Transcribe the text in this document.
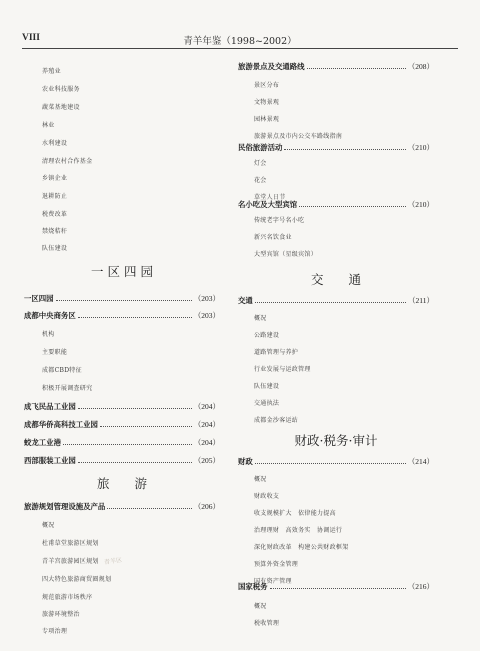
VIII	青羊年鉴（1998~2002）
养殖业
农业科技服务
蔬菜基地建设
林业
水利建设
清理农村合作基金
乡镇企业
退耕防止
税费改革
禁烧秸秆
队伍建设
一 区 四 园
一区四园	（203）
成都中央商务区	（203）
机构
主要职能
成都CBD特征
积极开展调查研究
成飞民品工业园	（204）
成都华侨高科技工业园	（204）
蛟龙工业港	（204）
西部服装工业园	（205）
旅　　游
旅游规划管理设施及产品	（206）
概况
杜甫草堂旅游区规划
青羊宫旅游园区规划
四大特色旅游商贸圈规划
规范旅游市场秩序
旅游环境整治
专项治理
青羊区
旅游景点及交通路线	（208）
景区分布
文物景观
园林景观
旅游景点及市内公交车路线指南
民俗旅游活动	（210）
灯会
花会
草堂人日节
名小吃及大型宾馆	（210）
传统老字号名小吃
新兴名饮食业
大型宾馆（星级宾馆）
交　　通
交通	（211）
概况
公路建设
道路管理与养护
行业发展与运政管理
队伍建设
交通执法
成都金沙客运站
财政·税务·审计
财政	（214）
概况
财政收支
收支规模扩大　依律能力提高
治理理财　高效务实　协调运行
深化财政改革　构建公共财政框架
预算外资金管理
国有资产管理
国家税务	（216）
概况
税收管理
